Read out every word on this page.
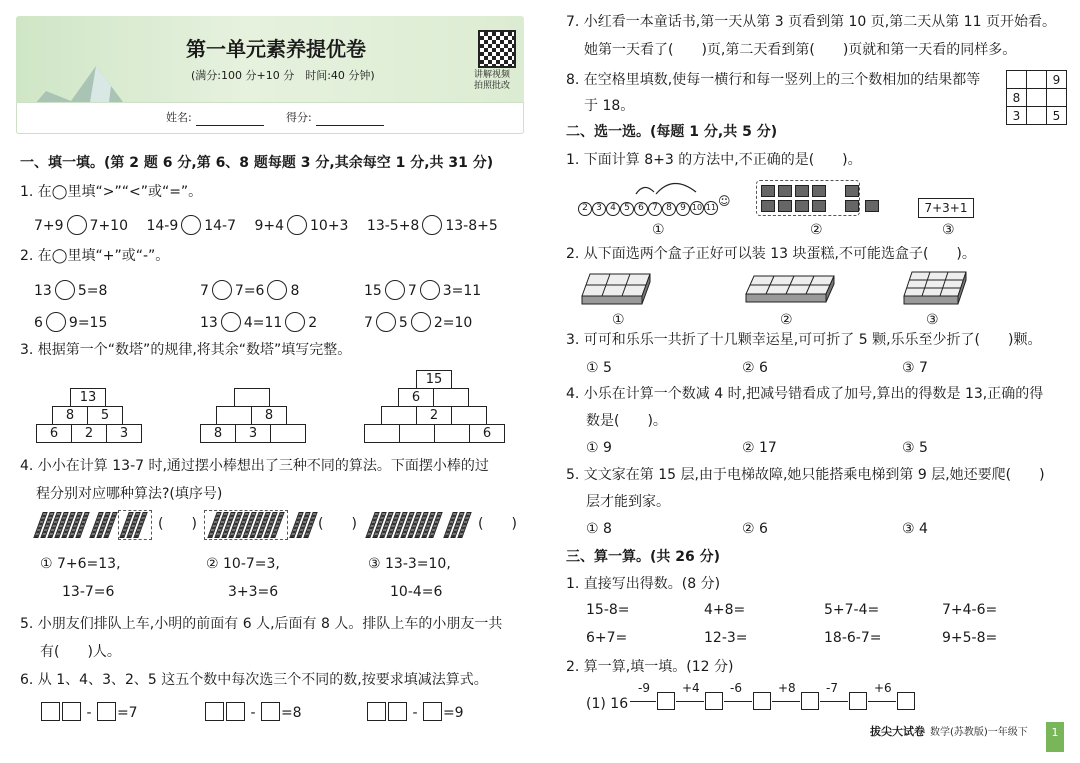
第一单元素养提优卷
(满分:100 分+10 分　时间:40 分钟)	讲解视频
拍照批改
姓名:	得分:
一、填一填。(第 2 题 6 分,第 6、8 题每题 3 分,其余每空 1 分,共 31 分)
1. 在◯里填“>”“<”或“=”。
7+9 7+10 14-9 14-7 9+4 10+3 13-5+8 13-8+5
2. 在◯里填“+”或“-”。
13 5=8	7 7=6 8	15 7 3=11
6 9=15	13 4=11 2	7 5 2=10
3. 根据第一个“数塔”的规律,将其余“数塔”填写完整。
13
8	5
6	2	3
8
8	3
15
6
2
6
4. 小小在计算 13-7 时,通过摆小棒想出了三种不同的算法。下面摆小棒的过
程分别对应哪种算法?(填序号)
(　　)	(　　)	(　　)
① 7+6=13,
13-7=6
② 10-7=3,
3+3=6
③ 13-3=10,
10-4=6
5. 小朋友们排队上车,小明的前面有 6 人,后面有 8 人。排队上车的小朋友一共
有(　　)人。
6. 从 1、4、3、2、5 这五个数中每次选三个不同的数,按要求填减法算式。
- =7	- =8	- =9
7. 小红看一本童话书,第一天从第 3 页看到第 10 页,第二天从第 11 页开始看。
她第一天看了(　　)页,第二天看到第(　　)页就和第一天看的同样多。
8. 在空格里填数,使每一横行和每一竖列上的三个数相加的结果都等
于 18。
		9
8		
3		5
二、选一选。(每题 1 分,共 5 分)
1. 下面计算 8+3 的方法中,不正确的是(　　)。
2 3 4 5 6 7 8 9 10 11 ☺
①	②
7+3+1
③
2. 从下面选两个盒子正好可以装 13 块蛋糕,不可能选盒子(　　)。
①	②	③
3. 可可和乐乐一共折了十几颗幸运星,可可折了 5 颗,乐乐至少折了(　　)颗。
① 5	② 6	③ 7
4. 小乐在计算一个数减 4 时,把减号错看成了加号,算出的得数是 13,正确的得
数是(　　)。
① 9	② 17	③ 5
5. 文文家在第 15 层,由于电梯故障,她只能搭乘电梯到第 9 层,她还要爬(　　)
层才能到家。
① 8	② 6	③ 4
三、算一算。(共 26 分)
1. 直接写出得数。(8 分)
15-8=	4+8=	5+7-4=	7+4-6=
6+7=	12-3=	18-6-7=	9+5-8=
2. 算一算,填一填。(12 分)
(1) 16
-9	+4	-6	+8	-7	+6
拔尖大试卷 数学(苏教版)一年级下	1
